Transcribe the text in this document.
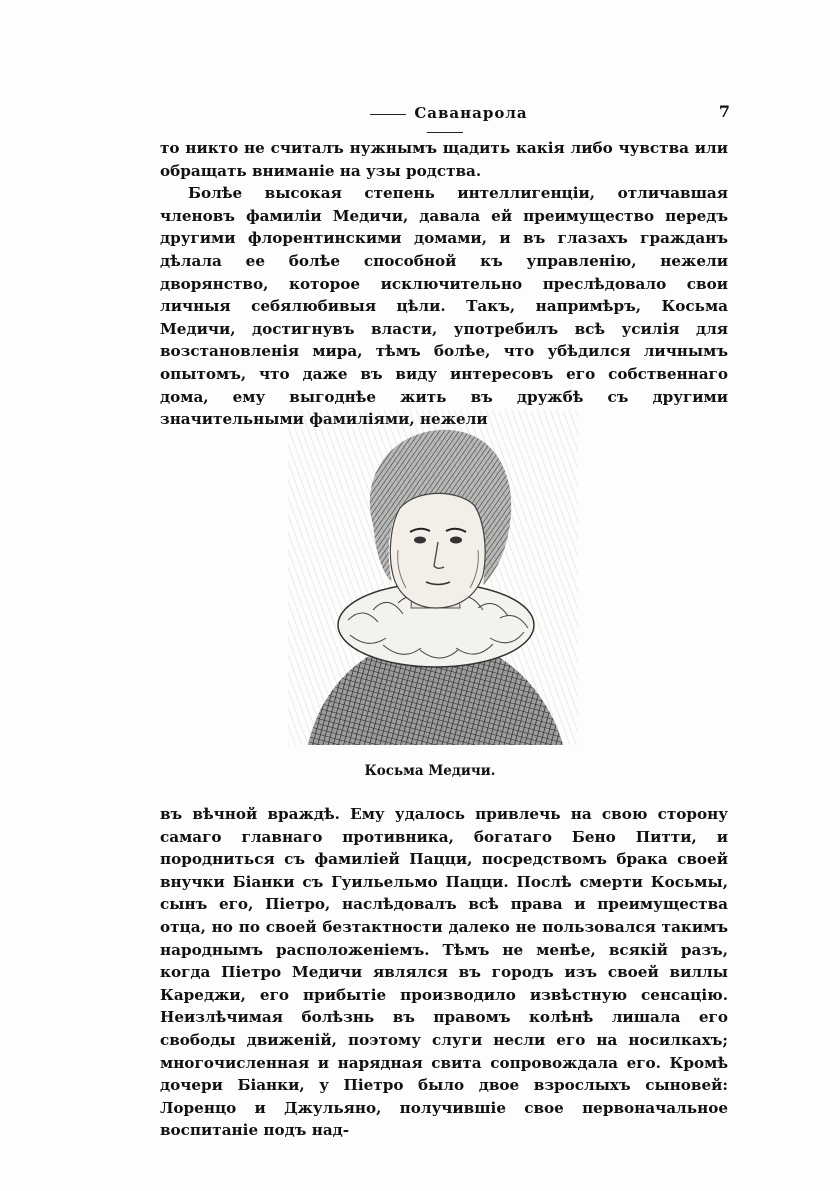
Саванарола	7

то никто не считалъ нужнымъ щадить какія либо чувства или обращать вниманіе на узы родства.

Болѣе высокая степень интеллигенціи, отличавшая членовъ фамиліи Медичи, давала ей преимущество передъ другими флорентинскими домами, и въ глазахъ гражданъ дѣлала ее болѣе способной къ управленію, нежели дворянство, которое исключительно преслѣдовало свои личныя себялюбивыя цѣли. Такъ, напримѣръ, Косьма Медичи, достигнувъ власти, употребилъ всѣ усилія для возстановленія мира, тѣмъ болѣе, что убѣдился личнымъ опытомъ, что даже въ виду интересовъ его собственнаго дома, ему выгоднѣе жить въ дружбѣ съ другими значительными фамиліями, нежели

Косьма Медичи.

въ вѣчной враждѣ. Ему удалось привлечь на свою сторону самаго главнаго противника, богатаго Бено Питти, и породниться съ фамиліей Пацци, посредствомъ брака своей внучки Біанки съ Гуильельмо Пацци. Послѣ смерти Косьмы, сынъ его, Піетро, наслѣдовалъ всѣ права и преимущества отца, но по своей безтактности далеко не пользовался такимъ народнымъ расположеніемъ. Тѣмъ не менѣе, всякій разъ, когда Піетро Медичи являлся въ городъ изъ своей виллы Кареджи, его прибытіе производило извѣстную сенсацію. Неизлѣчимая болѣзнь въ правомъ колѣнѣ лишала его свободы движеній, поэтому слуги несли его на носилкахъ; многочисленная и нарядная свита сопровождала его. Кромѣ дочери Біанки, у Піетро было двое взрослыхъ сыновей: Лоренцо и Джульяно, получившіе свое первоначальное воспитаніе подъ над-
